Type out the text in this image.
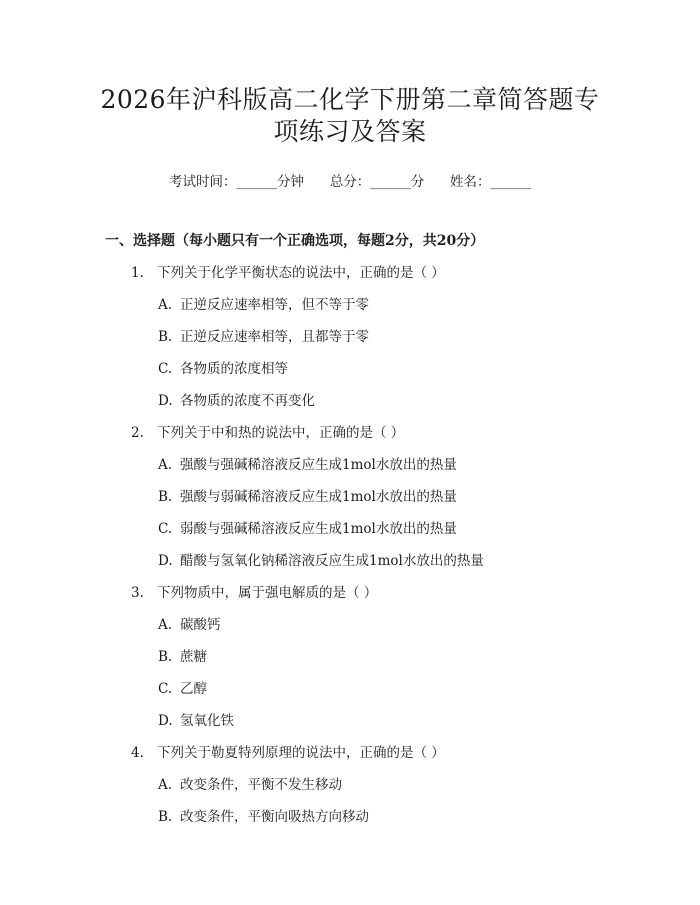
2026年沪科版高二化学下册第二章简答题专
项练习及答案
考试时间：______分钟      总分：______分      姓名：______
一、选择题（每小题只有一个正确选项，每题2分，共20分）
1. 下列关于化学平衡状态的说法中，正确的是（ ）
A. 正逆反应速率相等，但不等于零
B. 正逆反应速率相等，且都等于零
C. 各物质的浓度相等
D. 各物质的浓度不再变化
2. 下列关于中和热的说法中，正确的是（ ）
A. 强酸与强碱稀溶液反应生成1mol水放出的热量
B. 强酸与弱碱稀溶液反应生成1mol水放出的热量
C. 弱酸与强碱稀溶液反应生成1mol水放出的热量
D. 醋酸与氢氧化钠稀溶液反应生成1mol水放出的热量
3. 下列物质中，属于强电解质的是（ ）
A. 碳酸钙
B. 蔗糖
C. 乙醇
D. 氢氧化铁
4. 下列关于勒夏特列原理的说法中，正确的是（ ）
A. 改变条件，平衡不发生移动
B. 改变条件，平衡向吸热方向移动
